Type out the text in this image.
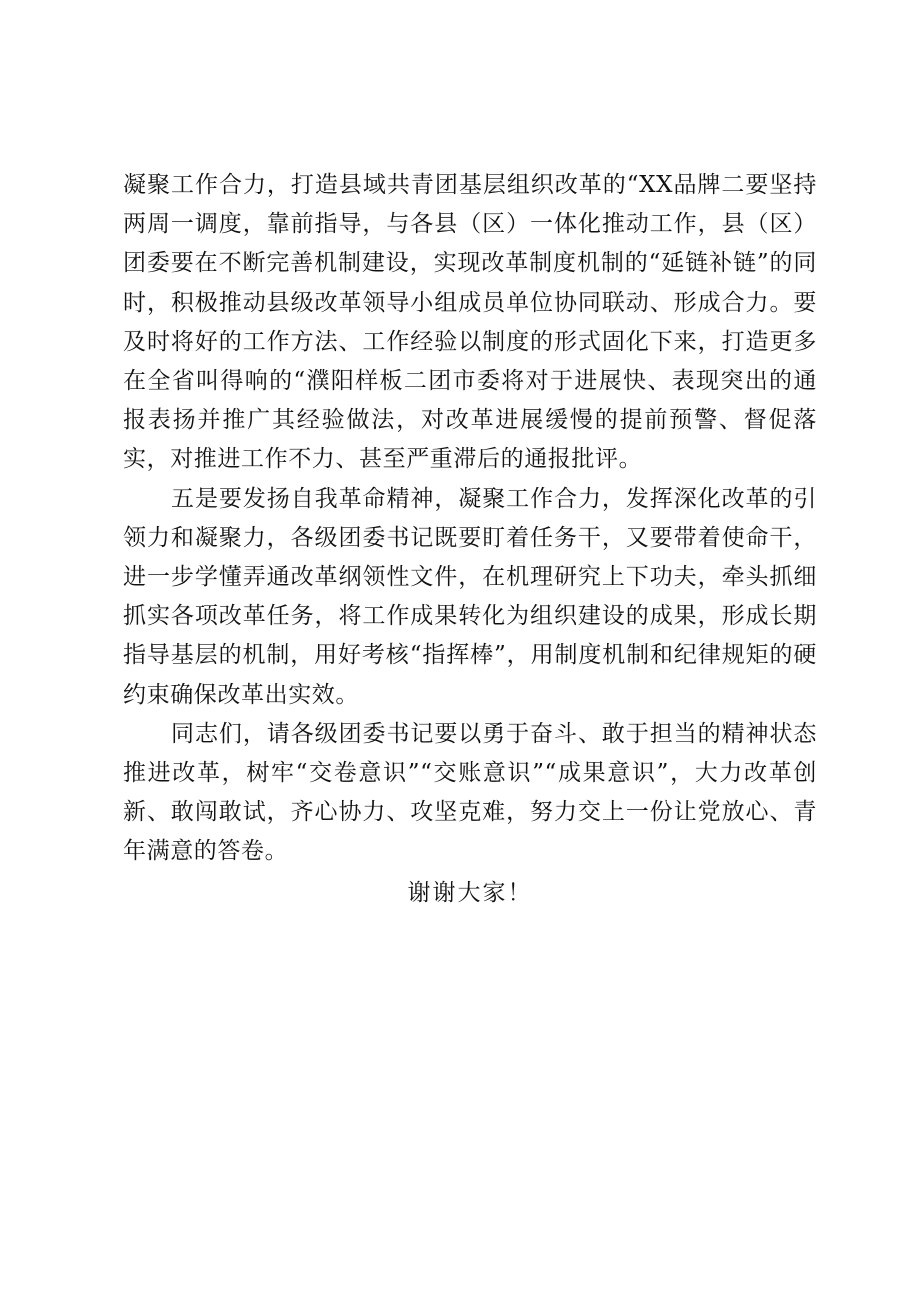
凝聚工作合力，打造县域共青团基层组织改革的“XX品牌二要坚持两周一调度，靠前指导，与各县（区）一体化推动工作，县（区）团委要在不断完善机制建设，实现改革制度机制的“延链补链”的同时，积极推动县级改革领导小组成员单位协同联动、形成合力。要及时将好的工作方法、工作经验以制度的形式固化下来，打造更多在全省叫得响的“濮阳样板二团市委将对于进展快、表现突出的通报表扬并推广其经验做法，对改革进展缓慢的提前预警、督促落实，对推进工作不力、甚至严重滞后的通报批评。

五是要发扬自我革命精神，凝聚工作合力，发挥深化改革的引领力和凝聚力，各级团委书记既要盯着任务干，又要带着使命干，进一步学懂弄通改革纲领性文件，在机理研究上下功夫，牵头抓细抓实各项改革任务，将工作成果转化为组织建设的成果，形成长期指导基层的机制，用好考核“指挥棒”，用制度机制和纪律规矩的硬约束确保改革出实效。

同志们，请各级团委书记要以勇于奋斗、敢于担当的精神状态推进改革，树牢“交卷意识”“交账意识”“成果意识”，大力改革创新、敢闯敢试，齐心协力、攻坚克难，努力交上一份让党放心、青年满意的答卷。

谢谢大家！
